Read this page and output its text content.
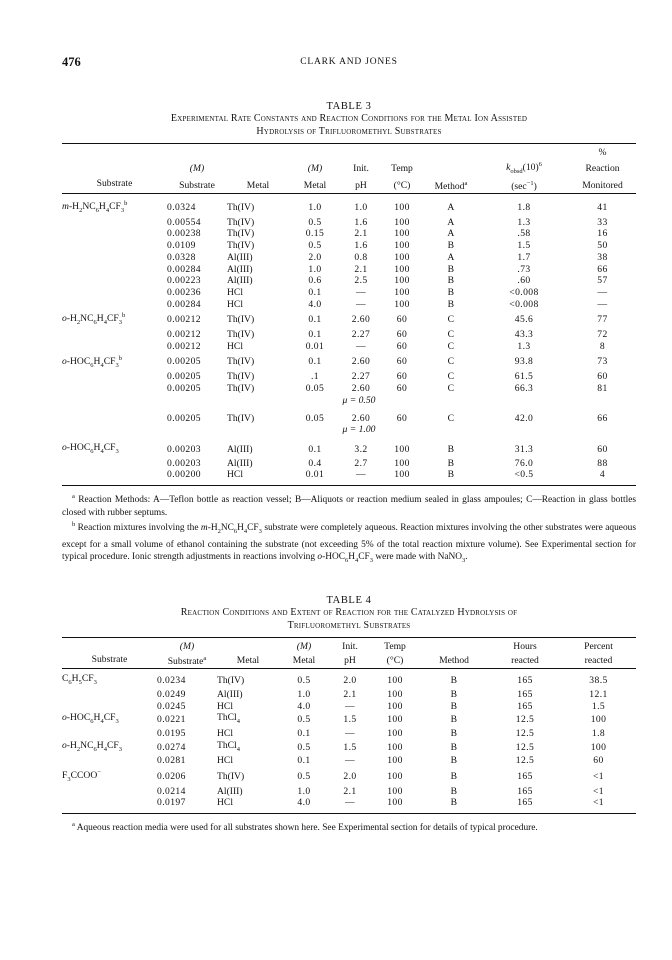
476	CLARK AND JONES
TABLE 3
Experimental Rate Constants and Reaction Conditions for the Metal Ion Assisted
Hydrolysis of Trifluoromethyl Substrates

								%
	(M)		(M)	Init.	Temp		$k_{obsd}(10)^6$	Reaction
Substrate	Substrate	Metal	Metal	pH	(°C)	Method$^a$	$(\sec^{-1})$	Monitored

$m-H_2NC_6H_4CF_3^b$	0.0324	Th(IV)	1.0	1.0	100	A	1.8	41
	0.00554	Th(IV)	0.5	1.6	100	A	1.3	33
	0.00238	Th(IV)	0.15	2.1	100	A	.58	16
	0.0109	Th(IV)	0.5	1.6	100	B	1.5	50
	0.0328	Al(III)	2.0	0.8	100	A	1.7	38
	0.00284	Al(III)	1.0	2.1	100	B	.73	66
	0.00223	Al(III)	0.6	2.5	100	B	.60	57
	0.00236	HCl	0.1	—	100	B	<0.008	—
	0.00284	HCl	4.0	—	100	B	<0.008	—
$o-H_2NC_6H_4CF_3^b$	0.00212	Th(IV)	0.1	2.60	60	C	45.6	77
	0.00212	Th(IV)	0.1	2.27	60	C	43.3	72
	0.00212	HCl	0.01	—	60	C	1.3	8
$o-HOC_6H_4CF_3^b$	0.00205	Th(IV)	0.1	2.60	60	C	93.8	73
	0.00205	Th(IV)	.1	2.27	60	C	61.5	60
	0.00205	Th(IV)	0.05	2.60	60	C	66.3	81
μ = 0.50								

	0.00205	Th(IV)	0.05	2.60	60	C	42.0	66
μ = 1.00								

$o-HOC_6H_4CF_3$	0.00203	Al(III)	0.1	3.2	100	B	31.3	60
	0.00203	Al(III)	0.4	2.7	100	B	76.0	88
	0.00200	HCl	0.01	—	100	B	<0.5	4

$^a$ Reaction Methods: A—Teflon bottle as reaction vessel; B—Aliquots or reaction medium sealed in glass ampoules; C—Reaction in glass bottles closed with rubber septums.

$^b$ Reaction mixtures involving the $m-H_2NC_6H_4CF_3$ substrate were completely aqueous. Reaction mixtures involving the other substrates were aqueous except for a small volume of ethanol containing the substrate (not exceeding 5% of the total reaction mixture volume). See Experimental section for typical procedure. Ionic strength adjustments in reactions involving $o-HOC_6H_4CF_3$ were made with NaNO$_3$.

TABLE 4
Reaction Conditions and Extent of Reaction for the Catalyzed Hydrolysis of
Trifluoromethyl Substrates

	(M)		(M)	Init.	Temp		Hours	Percent
Substrate	Substrate$^a$	Metal	Metal	pH	(°C)	Method	reacted	reacted

$C_6H_5CF_3$	0.0234	Th(IV)	0.5	2.0	100	B	165	38.5
	0.0249	Al(III)	1.0	2.1	100	B	165	12.1
	0.0245	HCl	4.0	—	100	B	165	1.5
$o-HOC_6H_4CF_3$	0.0221	ThCl$_4$	0.5	1.5	100	B	12.5	100
	0.0195	HCl	0.1	—	100	B	12.5	1.8
$o-H_2NC_6H_4CF_3$	0.0274	ThCl$_4$	0.5	1.5	100	B	12.5	100
	0.0281	HCl	0.1	—	100	B	12.5	60
$F_3CCOO^-$	0.0206	Th(IV)	0.5	2.0	100	B	165	<1
	0.0214	Al(III)	1.0	2.1	100	B	165	<1
	0.0197	HCl	4.0	—	100	B	165	<1

$^a$ Aqueous reaction media were used for all substrates shown here. See Experimental section for details of typical procedure.
